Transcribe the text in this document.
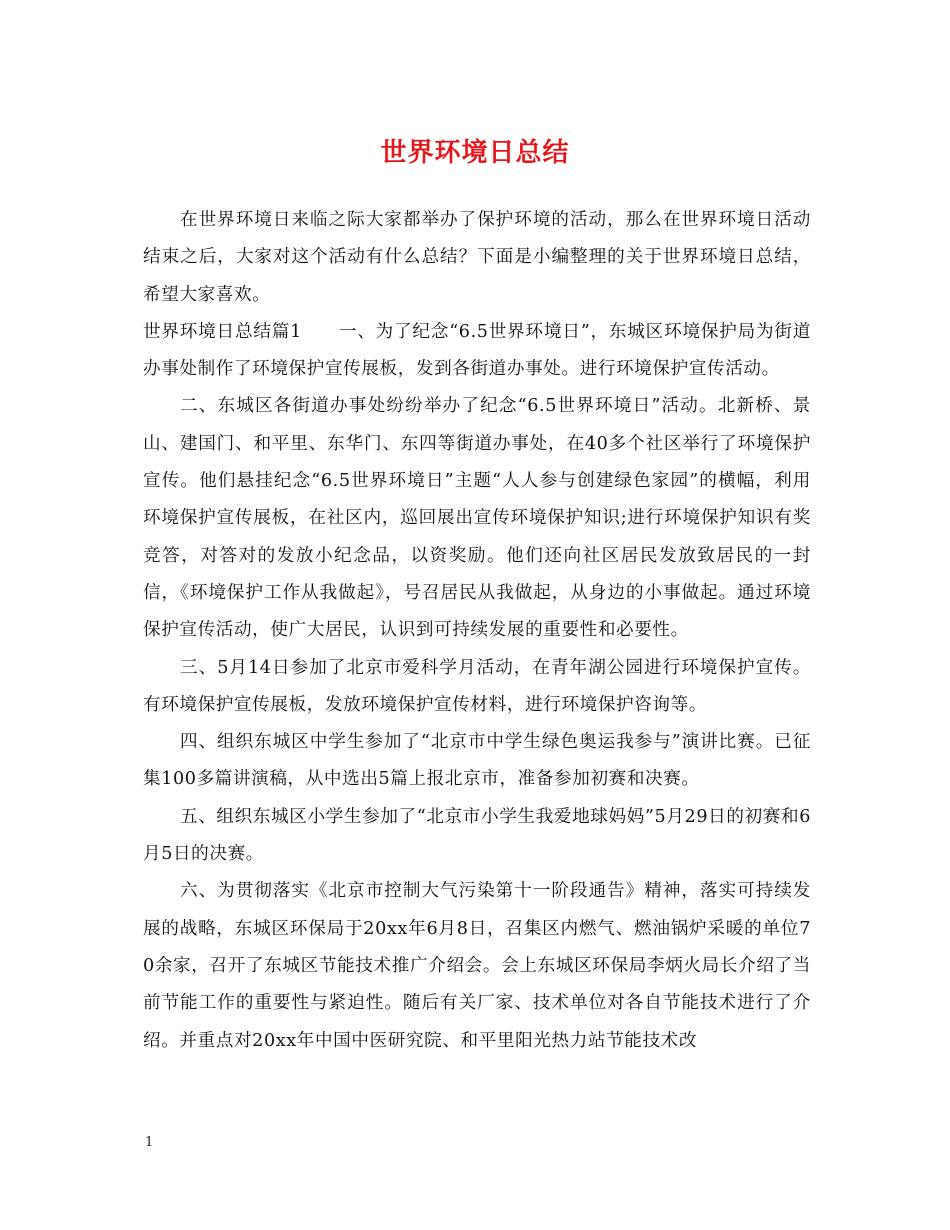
世界环境日总结

在世界环境日来临之际大家都举办了保护环境的活动，那么在世界环境日活动结束之后，大家对这个活动有什么总结？下面是小编整理的关于世界环境日总结，希望大家喜欢。

世界环境日总结篇1　　一、为了纪念“6.5世界环境日”，东城区环境保护局为街道办事处制作了环境保护宣传展板，发到各街道办事处。进行环境保护宣传活动。

二、东城区各街道办事处纷纷举办了纪念“6.5世界环境日”活动。北新桥、景山、建国门、和平里、东华门、东四等街道办事处，在40多个社区举行了环境保护宣传。他们悬挂纪念“6.5世界环境日”主题“人人参与创建绿色家园”的横幅，利用环境保护宣传展板，在社区内，巡回展出宣传环境保护知识;进行环境保护知识有奖竞答，对答对的发放小纪念品，以资奖励。他们还向社区居民发放致居民的一封信，《环境保护工作从我做起》，号召居民从我做起，从身边的小事做起。通过环境保护宣传活动，使广大居民，认识到可持续发展的重要性和必要性。

三、5月14日参加了北京市爱科学月活动，在青年湖公园进行环境保护宣传。有环境保护宣传展板，发放环境保护宣传材料，进行环境保护咨询等。

四、组织东城区中学生参加了“北京市中学生绿色奥运我参与”演讲比赛。已征集100多篇讲演稿，从中选出5篇上报北京市，准备参加初赛和决赛。

五、组织东城区小学生参加了“北京市小学生我爱地球妈妈”5月29日的初赛和6月5日的决赛。

六、为贯彻落实《北京市控制大气污染第十一阶段通告》精神，落实可持续发展的战略，东城区环保局于20xx年6月8日，召集区内燃气、燃油锅炉采暖的单位70余家，召开了东城区节能技术推广介绍会。会上东城区环保局李炳火局长介绍了当前节能工作的重要性与紧迫性。随后有关厂家、技术单位对各自节能技术进行了介绍。并重点对20xx年中国中医研究院、和平里阳光热力站节能技术改

1
